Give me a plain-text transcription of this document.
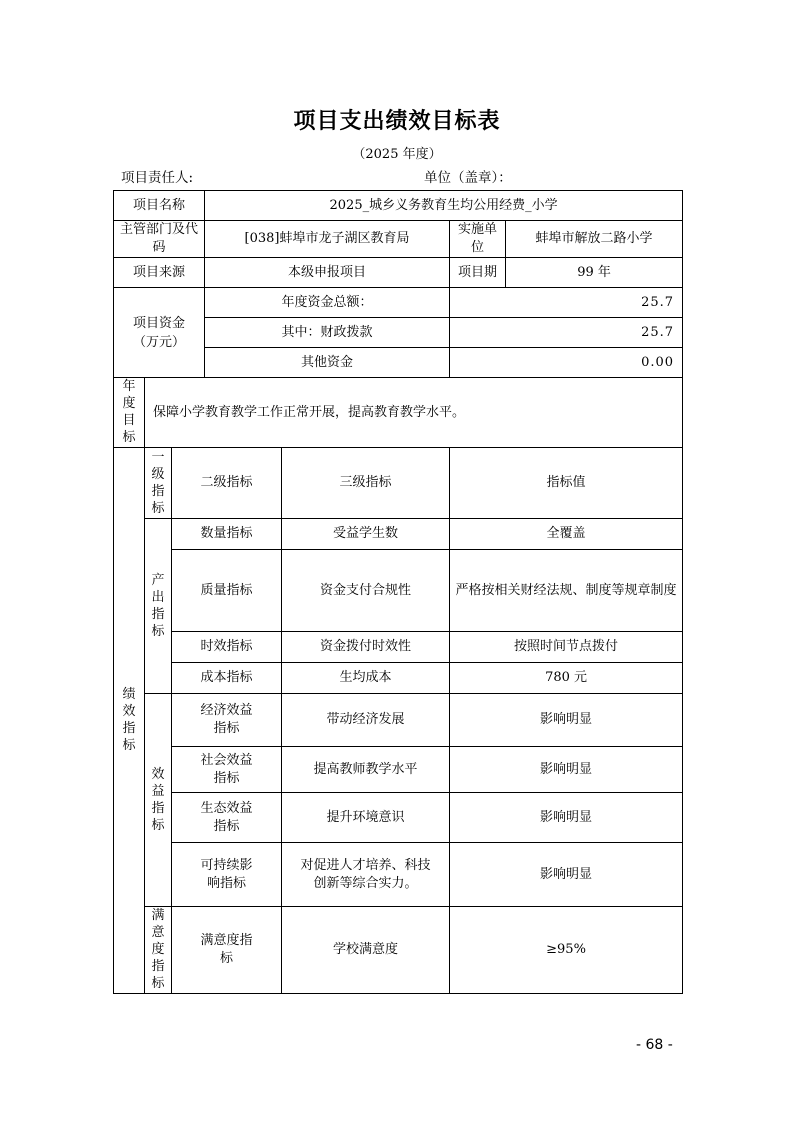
项目支出绩效目标表
（2025 年度）
项目责任人:	单位（盖章）：
项目名称			2025_城乡义务教育生均公用经费_小学			
主管部门及代码			[038]蚌埠市龙子湖区教育局		实施单位	蚌埠市解放二路小学
项目来源			本级申报项目		项目期	99 年
项目资金（万元）			年度资金总额：		25.7	
			其中：财政拨款		25.7	
			其他资金		0.00	
年度目标	保障小学教育教学工作正常开展，提高教育教学水平。					
绩效指标	一级指标	二级指标		三级指标	指标值	
	产出指标	数量指标		受益学生数	全覆盖	
		质量指标		资金支付合规性	严格按相关财经法规、制度等规章制度	
		时效指标		资金拨付时效性	按照时间节点拨付	
		成本指标		生均成本	780 元	
	效益指标	经济效益指标		带动经济发展	影响明显	
		社会效益指标		提高教师教学水平	影响明显	
		生态效益指标		提升环境意识	影响明显	
		可持续影响指标		对促进人才培养、科技创新等综合实力。	影响明显	
	满意度指标	满意度指标		学校满意度	≥95%	
- 68 -
